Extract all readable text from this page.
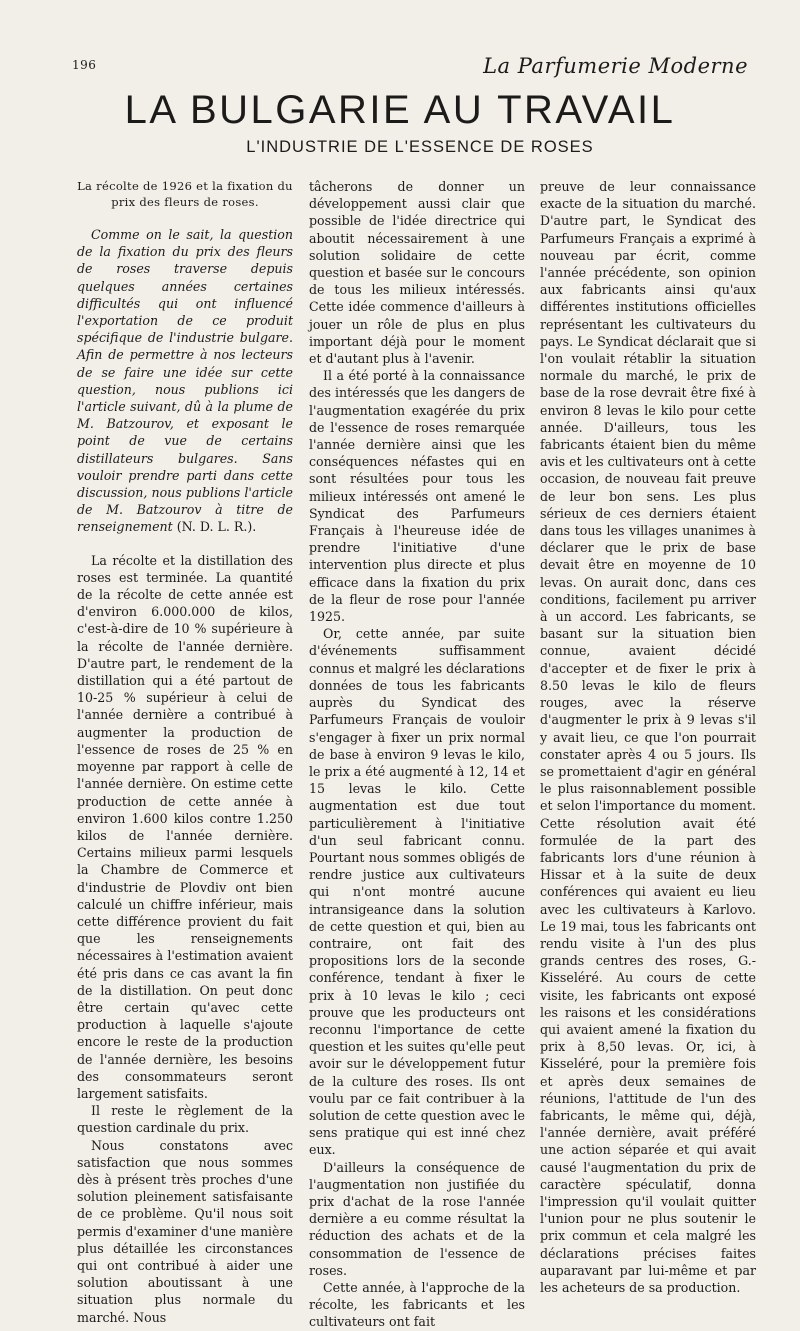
196	La Parfumerie Moderne
LA BULGARIE AU TRAVAIL
L'INDUSTRIE DE L'ESSENCE DE ROSES

La récolte de 1926 et la fixation du prix des fleurs de roses.

Comme on le sait, la question de la fixation du prix des fleurs de roses traverse depuis quelques années certaines difficultés qui ont influencé l'exportation de ce produit spécifique de l'industrie bulgare. Afin de permettre à nos lecteurs de se faire une idée sur cette question, nous publions ici l'article suivant, dû à la plume de M. Batzourov, et exposant le point de vue de certains distillateurs bulgares. Sans vouloir prendre parti dans cette discussion, nous publions l'article de M. Batzourov à titre de renseignement (N. D. L. R.).

La récolte et la distillation des roses est terminée. La quantité de la récolte de cette année est d'environ 6.000.000 de kilos, c'est-à-dire de 10 % supérieure à la récolte de l'année dernière. D'autre part, le rendement de la distillation qui a été partout de 10-25 % supérieur à celui de l'année dernière a contribué à augmenter la production de l'essence de roses de 25 % en moyenne par rapport à celle de l'année dernière. On estime cette production de cette année à environ 1.600 kilos contre 1.250 kilos de l'année dernière. Certains milieux parmi lesquels la Chambre de Commerce et d'industrie de Plovdiv ont bien calculé un chiffre inférieur, mais cette différence provient du fait que les renseignements nécessaires à l'estimation avaient été pris dans ce cas avant la fin de la distillation. On peut donc être certain qu'avec cette production à laquelle s'ajoute encore le reste de la production de l'année dernière, les besoins des consommateurs seront largement satisfaits.

Il reste le règlement de la question cardinale du prix.

Nous constatons avec satisfaction que nous sommes dès à présent très proches d'une solution pleinement satisfaisante de ce problème. Qu'il nous soit permis d'examiner d'une manière plus détaillée les circonstances qui ont contribué à aider une solution aboutissant à une situation plus normale du marché. Nous

tâcherons de donner un développement aussi clair que possible de l'idée directrice qui aboutit nécessairement à une solution solidaire de cette question et basée sur le concours de tous les milieux intéressés. Cette idée commence d'ailleurs à jouer un rôle de plus en plus important déjà pour le moment et d'autant plus à l'avenir.

Il a été porté à la connaissance des intéressés que les dangers de l'augmentation exagérée du prix de l'essence de roses remarquée l'année dernière ainsi que les conséquences néfastes qui en sont résultées pour tous les milieux intéressés ont amené le Syndicat des Parfumeurs Français à l'heureuse idée de prendre l'initiative d'une intervention plus directe et plus efficace dans la fixation du prix de la fleur de rose pour l'année 1925.

Or, cette année, par suite d'événements suffisamment connus et malgré les déclarations données de tous les fabricants auprès du Syndicat des Parfumeurs Français de vouloir s'engager à fixer un prix normal de base à environ 9 levas le kilo, le prix a été augmenté à 12, 14 et 15 levas le kilo. Cette augmentation est due tout particulièrement à l'initiative d'un seul fabricant connu. Pourtant nous sommes obligés de rendre justice aux cultivateurs qui n'ont montré aucune intransigeance dans la solution de cette question et qui, bien au contraire, ont fait des propositions lors de la seconde conférence, tendant à fixer le prix à 10 levas le kilo ; ceci prouve que les producteurs ont reconnu l'importance de cette question et les suites qu'elle peut avoir sur le développement futur de la culture des roses. Ils ont voulu par ce fait contribuer à la solution de cette question avec le sens pratique qui est inné chez eux.

D'ailleurs la conséquence de l'augmentation non justifiée du prix d'achat de la rose l'année dernière a eu comme résultat la réduction des achats et de la consommation de l'essence de roses.

Cette année, à l'approche de la récolte, les fabricants et les cultivateurs ont fait

preuve de leur connaissance exacte de la situation du marché. D'autre part, le Syndicat des Parfumeurs Français a exprimé à nouveau par écrit, comme l'année précédente, son opinion aux fabricants ainsi qu'aux différentes institutions officielles représentant les cultivateurs du pays. Le Syndicat déclarait que si l'on voulait rétablir la situation normale du marché, le prix de base de la rose devrait être fixé à environ 8 levas le kilo pour cette année. D'ailleurs, tous les fabricants étaient bien du même avis et les cultivateurs ont à cette occasion, de nouveau fait preuve de leur bon sens. Les plus sérieux de ces derniers étaient dans tous les villages unanimes à déclarer que le prix de base devait être en moyenne de 10 levas. On aurait donc, dans ces conditions, facilement pu arriver à un accord. Les fabricants, se basant sur la situation bien connue, avaient décidé d'accepter et de fixer le prix à 8.50 levas le kilo de fleurs rouges, avec la réserve d'augmenter le prix à 9 levas s'il y avait lieu, ce que l'on pourrait constater après 4 ou 5 jours. Ils se promettaient d'agir en général le plus raisonnablement possible et selon l'importance du moment. Cette résolution avait été formulée de la part des fabricants lors d'une réunion à Hissar et à la suite de deux conférences qui avaient eu lieu avec les cultivateurs à Karlovo. Le 19 mai, tous les fabricants ont rendu visite à l'un des plus grands centres des roses, G.-Kisseléré. Au cours de cette visite, les fabricants ont exposé les raisons et les considérations qui avaient amené la fixation du prix à 8,50 levas. Or, ici, à Kisseléré, pour la première fois et après deux semaines de réunions, l'attitude de l'un des fabricants, le même qui, déjà, l'année dernière, avait préféré une action séparée et qui avait causé l'augmentation du prix de caractère spéculatif, donna l'impression qu'il voulait quitter l'union pour ne plus soutenir le prix commun et cela malgré les déclarations précises faites auparavant par lui-même et par les acheteurs de sa production.
